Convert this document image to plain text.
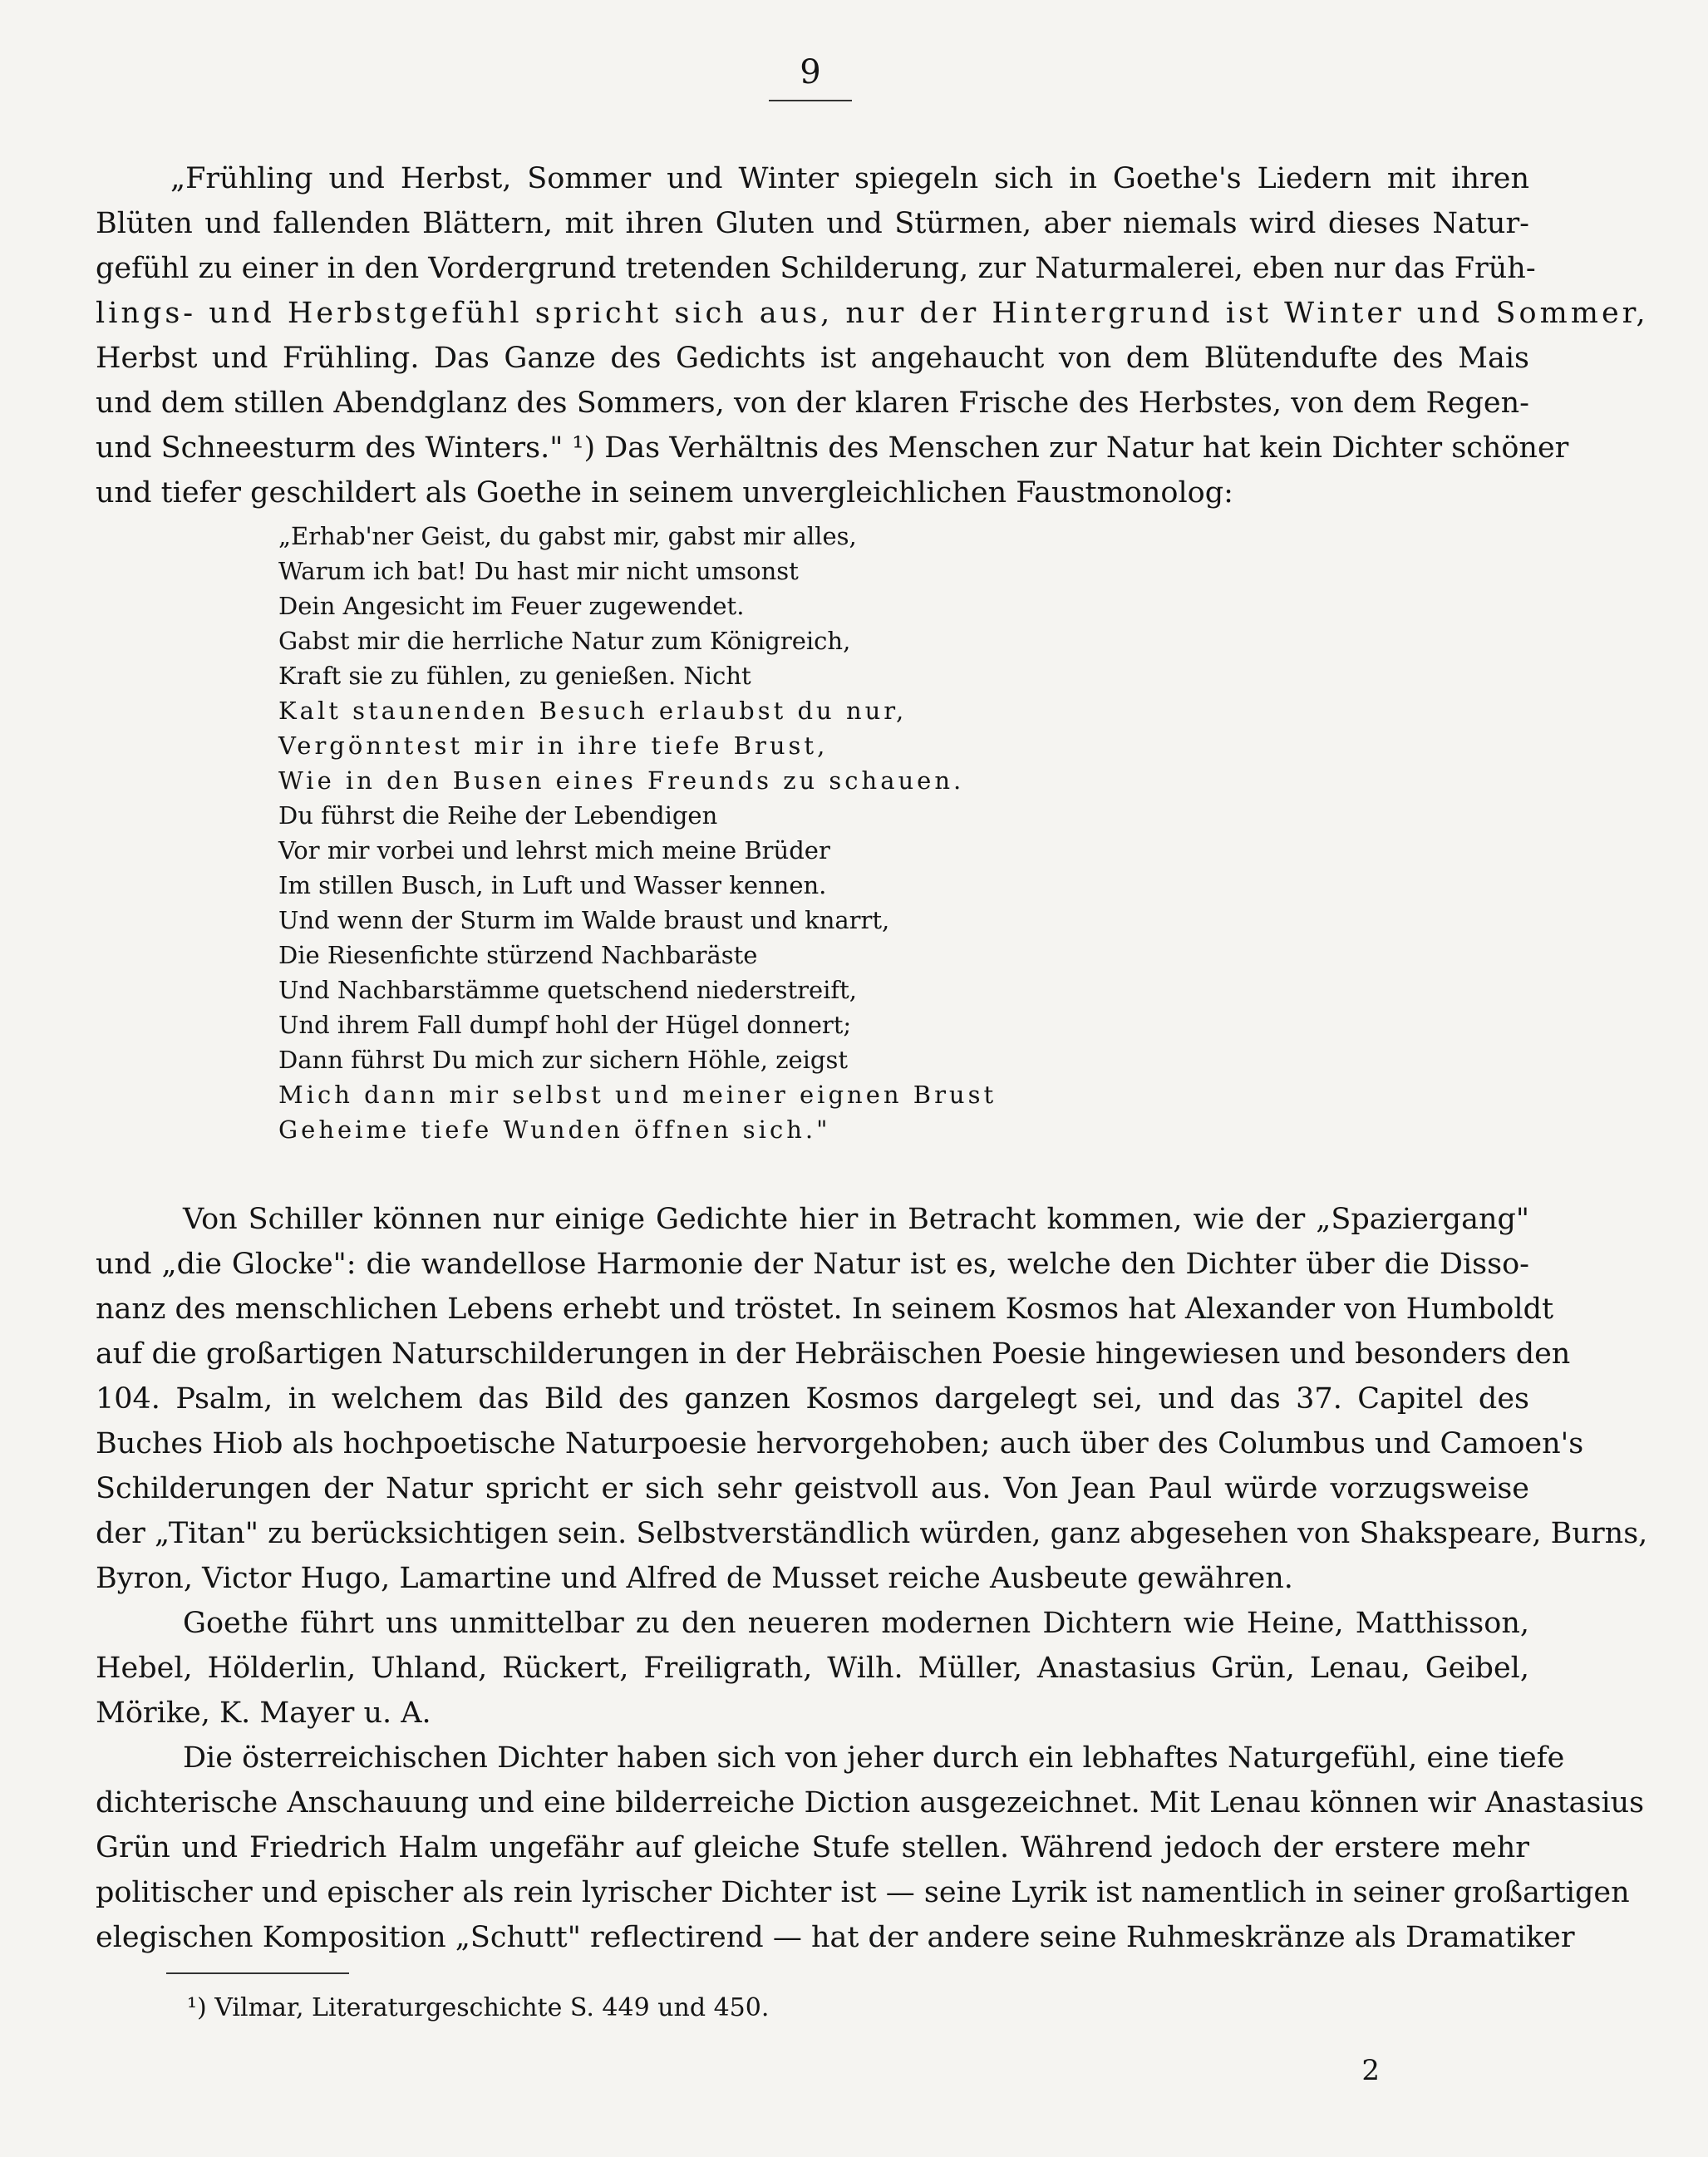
9
„Frühling und Herbst, Sommer und Winter spiegeln sich in Goethe's Liedern mit ihren
Blüten und fallenden Blättern, mit ihren Gluten und Stürmen, aber niemals wird dieses Natur-
gefühl zu einer in den Vordergrund tretenden Schilderung, zur Naturmalerei, eben nur das Früh-
lings- und Herbstgefühl spricht sich aus, nur der Hintergrund ist Winter und Sommer,
Herbst und Frühling. Das Ganze des Gedichts ist angehaucht von dem Blütendufte des Mais
und dem stillen Abendglanz des Sommers, von der klaren Frische des Herbstes, von dem Regen-
und Schneesturm des Winters." ¹) Das Verhältnis des Menschen zur Natur hat kein Dichter schöner
und tiefer geschildert als Goethe in seinem unvergleichlichen Faustmonolog:
„Erhab'ner Geist, du gabst mir, gabst mir alles,
Warum ich bat! Du hast mir nicht umsonst
Dein Angesicht im Feuer zugewendet.
Gabst mir die herrliche Natur zum Königreich,
Kraft sie zu fühlen, zu genießen. Nicht
Kalt staunenden Besuch erlaubst du nur,
Vergönntest mir in ihre tiefe Brust,
Wie in den Busen eines Freunds zu schauen.
Du führst die Reihe der Lebendigen
Vor mir vorbei und lehrst mich meine Brüder
Im stillen Busch, in Luft und Wasser kennen.
Und wenn der Sturm im Walde braust und knarrt,
Die Riesenfichte stürzend Nachbaräste
Und Nachbarstämme quetschend niederstreift,
Und ihrem Fall dumpf hohl der Hügel donnert;
Dann führst Du mich zur sichern Höhle, zeigst
Mich dann mir selbst und meiner eignen Brust
Geheime tiefe Wunden öffnen sich."
Von Schiller können nur einige Gedichte hier in Betracht kommen, wie der „Spaziergang"
und „die Glocke": die wandellose Harmonie der Natur ist es, welche den Dichter über die Disso-
nanz des menschlichen Lebens erhebt und tröstet. In seinem Kosmos hat Alexander von Humboldt
auf die großartigen Naturschilderungen in der Hebräischen Poesie hingewiesen und besonders den
104. Psalm, in welchem das Bild des ganzen Kosmos dargelegt sei, und das 37. Capitel des
Buches Hiob als hochpoetische Naturpoesie hervorgehoben; auch über des Columbus und Camoen's
Schilderungen der Natur spricht er sich sehr geistvoll aus. Von Jean Paul würde vorzugsweise
der „Titan" zu berücksichtigen sein. Selbstverständlich würden, ganz abgesehen von Shakspeare, Burns,
Byron, Victor Hugo, Lamartine und Alfred de Musset reiche Ausbeute gewähren.
Goethe führt uns unmittelbar zu den neueren modernen Dichtern wie Heine, Matthisson,
Hebel, Hölderlin, Uhland, Rückert, Freiligrath, Wilh. Müller, Anastasius Grün, Lenau, Geibel,
Mörike, K. Mayer u. A.
Die österreichischen Dichter haben sich von jeher durch ein lebhaftes Naturgefühl, eine tiefe
dichterische Anschauung und eine bilderreiche Diction ausgezeichnet. Mit Lenau können wir Anastasius
Grün und Friedrich Halm ungefähr auf gleiche Stufe stellen. Während jedoch der erstere mehr
politischer und epischer als rein lyrischer Dichter ist — seine Lyrik ist namentlich in seiner großartigen
elegischen Komposition „Schutt" reflectirend — hat der andere seine Ruhmeskränze als Dramatiker
¹) Vilmar, Literaturgeschichte S. 449 und 450.
2
